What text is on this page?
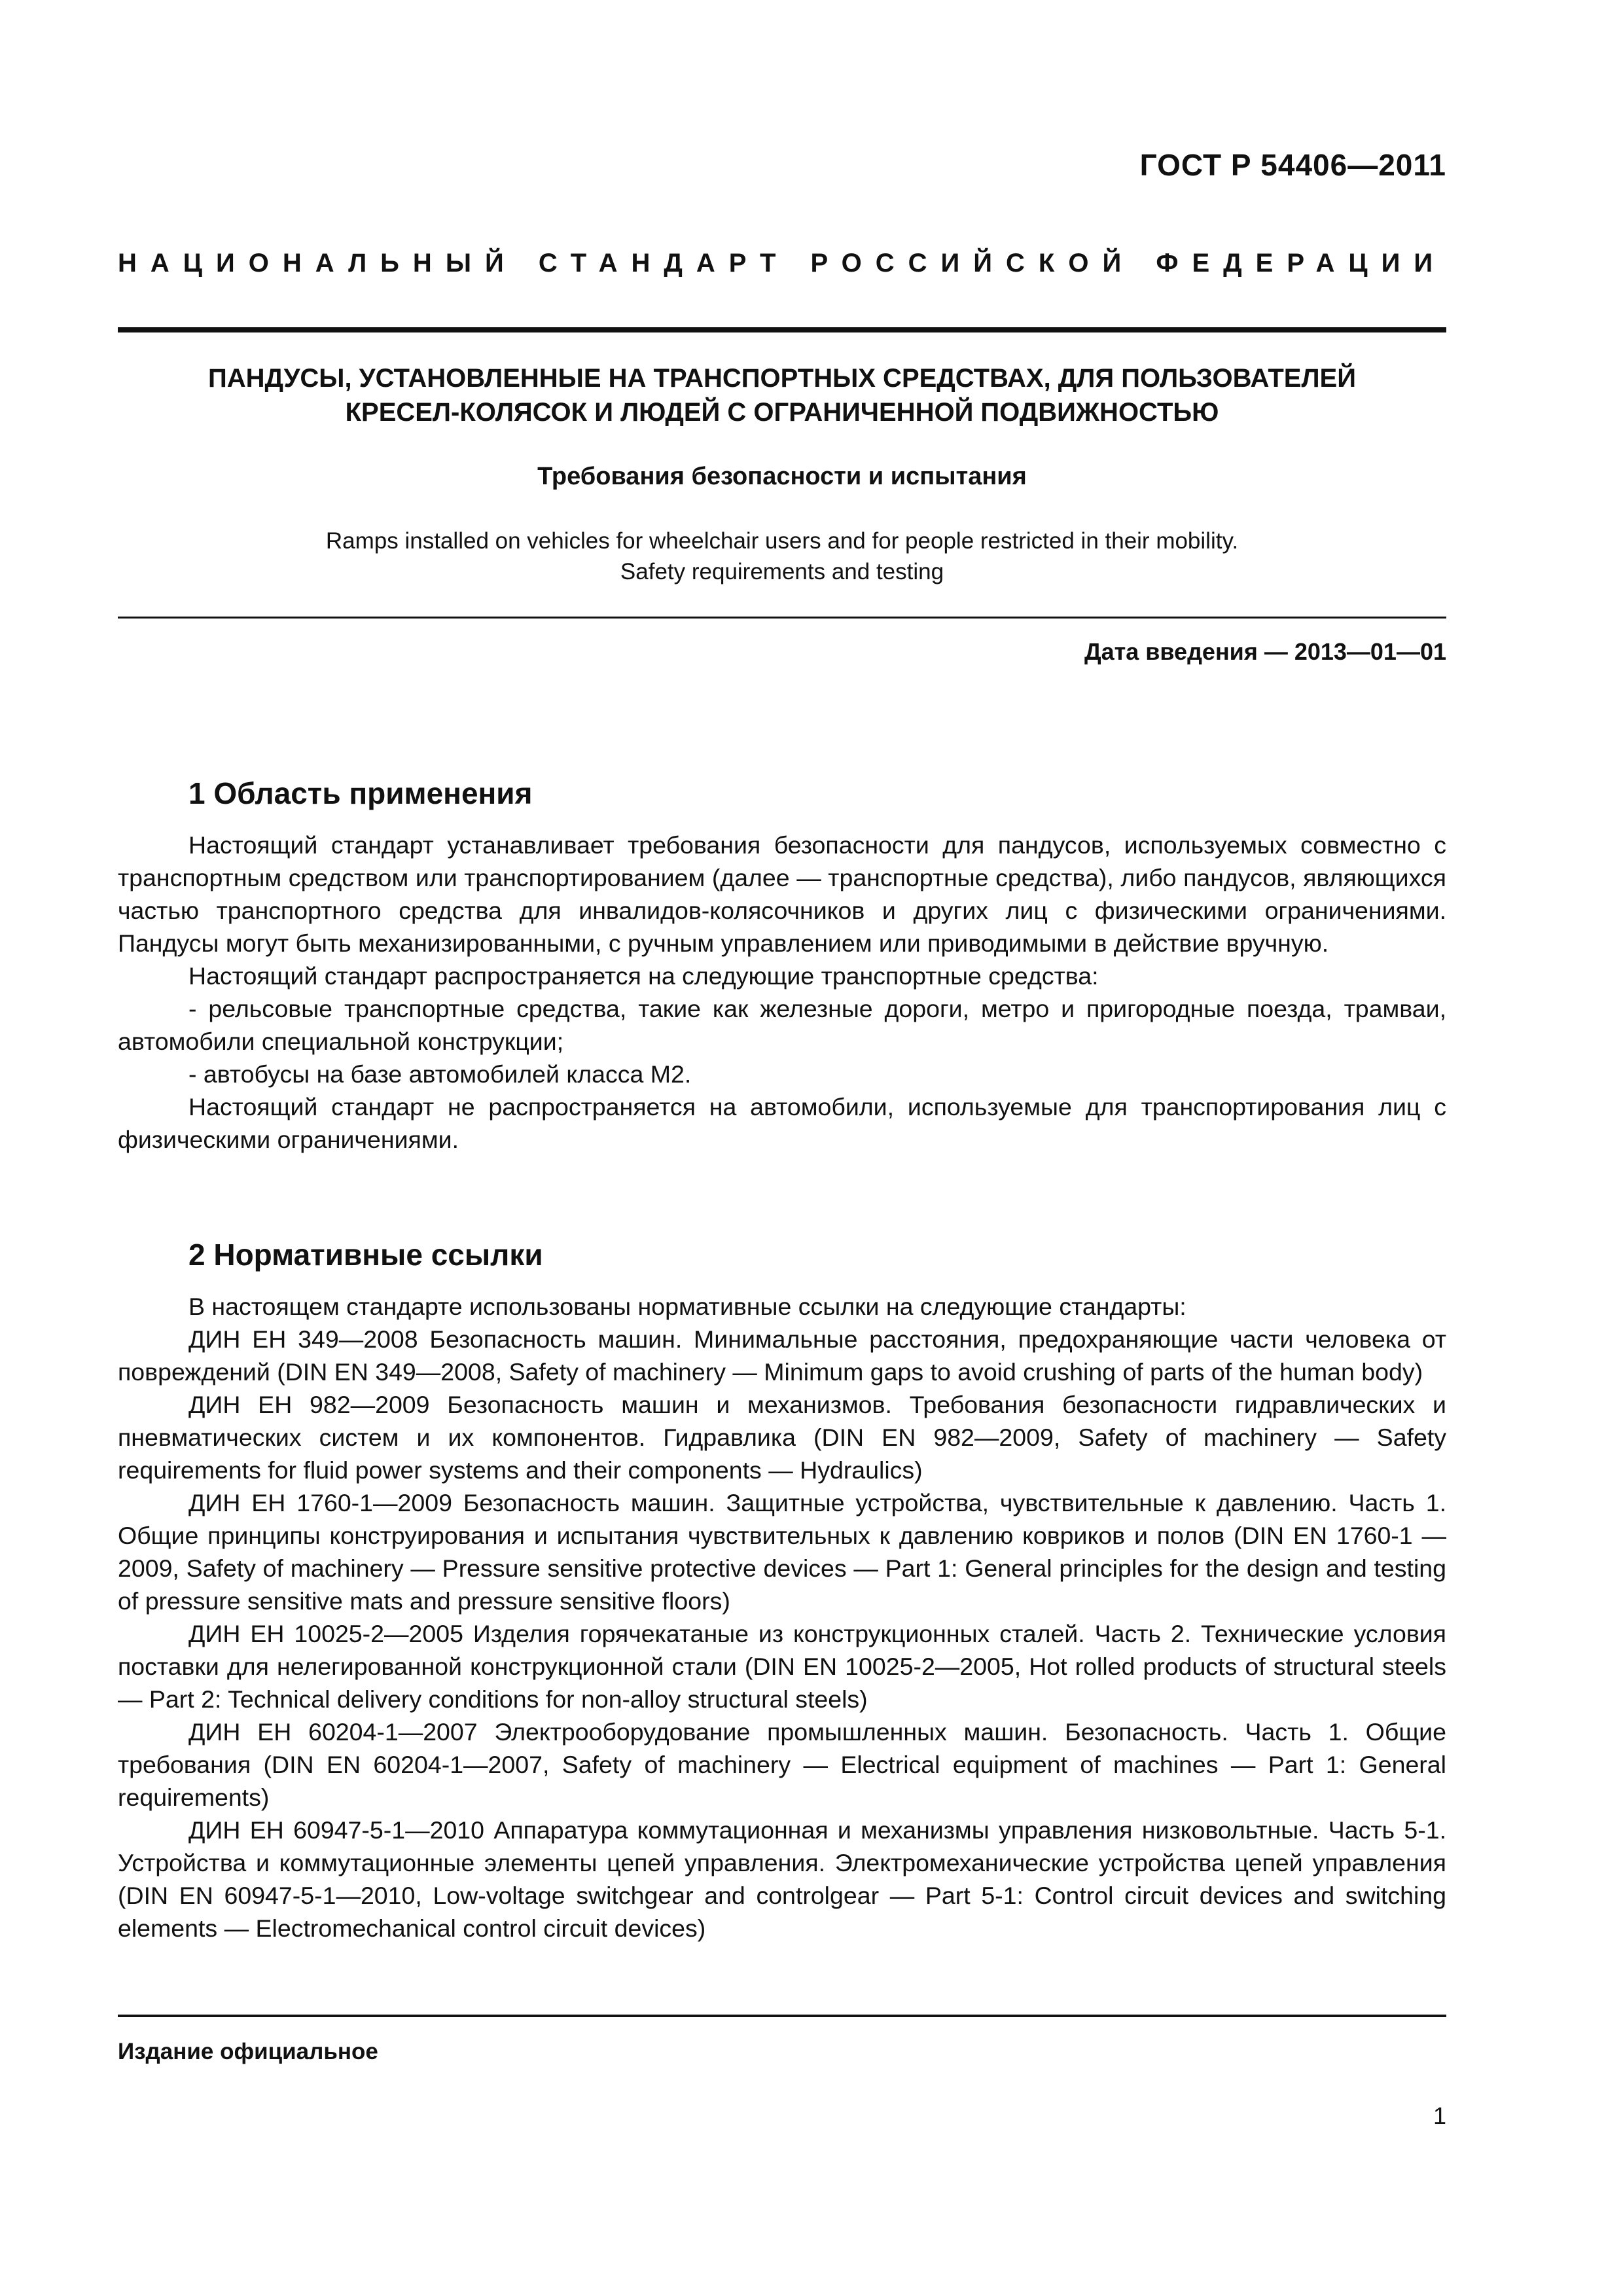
ГОСТ Р 54406—2011
НАЦИОНАЛЬНЫЙ СТАНДАРТ РОССИЙСКОЙ ФЕДЕРАЦИИ
ПАНДУСЫ, УСТАНОВЛЕННЫЕ НА ТРАНСПОРТНЫХ СРЕДСТВАХ, ДЛЯ ПОЛЬЗОВАТЕЛЕЙ
КРЕСЕЛ-КОЛЯСОК И ЛЮДЕЙ С ОГРАНИЧЕННОЙ ПОДВИЖНОСТЬЮ
Требования безопасности и испытания
Ramps installed on vehicles for wheelchair users and for people restricted in their mobility.
Safety requirements and testing
Дата введения — 2013—01—01
1 Область применения

Настоящий стандарт устанавливает требования безопасности для пандусов, используемых совместно с транспортным средством или транспортированием (далее — транспортные средства), либо пандусов, являющихся частью транспортного средства для инвалидов-колясочников и других лиц с физическими ограничениями. Пандусы могут быть механизированными, с ручным управлением или приводимыми в действие вручную.

Настоящий стандарт распространяется на следующие транспортные средства:

- рельсовые транспортные средства, такие как железные дороги, метро и пригородные поезда, трамваи, автомобили специальной конструкции;

- автобусы на базе автомобилей класса М2.

Настоящий стандарт не распространяется на автомобили, используемые для транспортирования лиц с физическими ограничениями.

2 Нормативные ссылки

В настоящем стандарте использованы нормативные ссылки на следующие стандарты:

ДИН ЕН 349—2008 Безопасность машин. Минимальные расстояния, предохраняющие части человека от повреждений (DIN EN 349—2008, Safety of machinery — Minimum gaps to avoid crushing of parts of the human body)

ДИН ЕН 982—2009 Безопасность машин и механизмов. Требования безопасности гидравлических и пневматических систем и их компонентов. Гидравлика (DIN EN 982—2009, Safety of machinery — Safety requirements for fluid power systems and their components — Hydraulics)

ДИН ЕН 1760-1—2009 Безопасность машин. Защитные устройства, чувствительные к давлению. Часть 1. Общие принципы конструирования и испытания чувствительных к давлению ковриков и полов (DIN EN 1760-1 — 2009, Safety of machinery — Pressure sensitive protective devices — Part 1: General principles for the design and testing of pressure sensitive mats and pressure sensitive floors)

ДИН ЕН 10025-2—2005 Изделия горячекатаные из конструкционных сталей. Часть 2. Технические условия поставки для нелегированной конструкционной стали (DIN EN 10025-2—2005, Hot rolled products of structural steels — Part 2: Technical delivery conditions for non-alloy structural steels)

ДИН ЕН 60204-1—2007 Электрооборудование промышленных машин. Безопасность. Часть 1. Общие требования (DIN EN 60204-1—2007, Safety of machinery — Electrical equipment of machines — Part 1: General requirements)

ДИН ЕН 60947-5-1—2010 Аппаратура коммутационная и механизмы управления низковольтные. Часть 5-1. Устройства и коммутационные элементы цепей управления. Электромеханические устройства цепей управления (DIN EN 60947-5-1—2010, Low-voltage switchgear and controlgear — Part 5-1: Control circuit devices and switching elements — Electromechanical control circuit devices)

Издание официальное
1
